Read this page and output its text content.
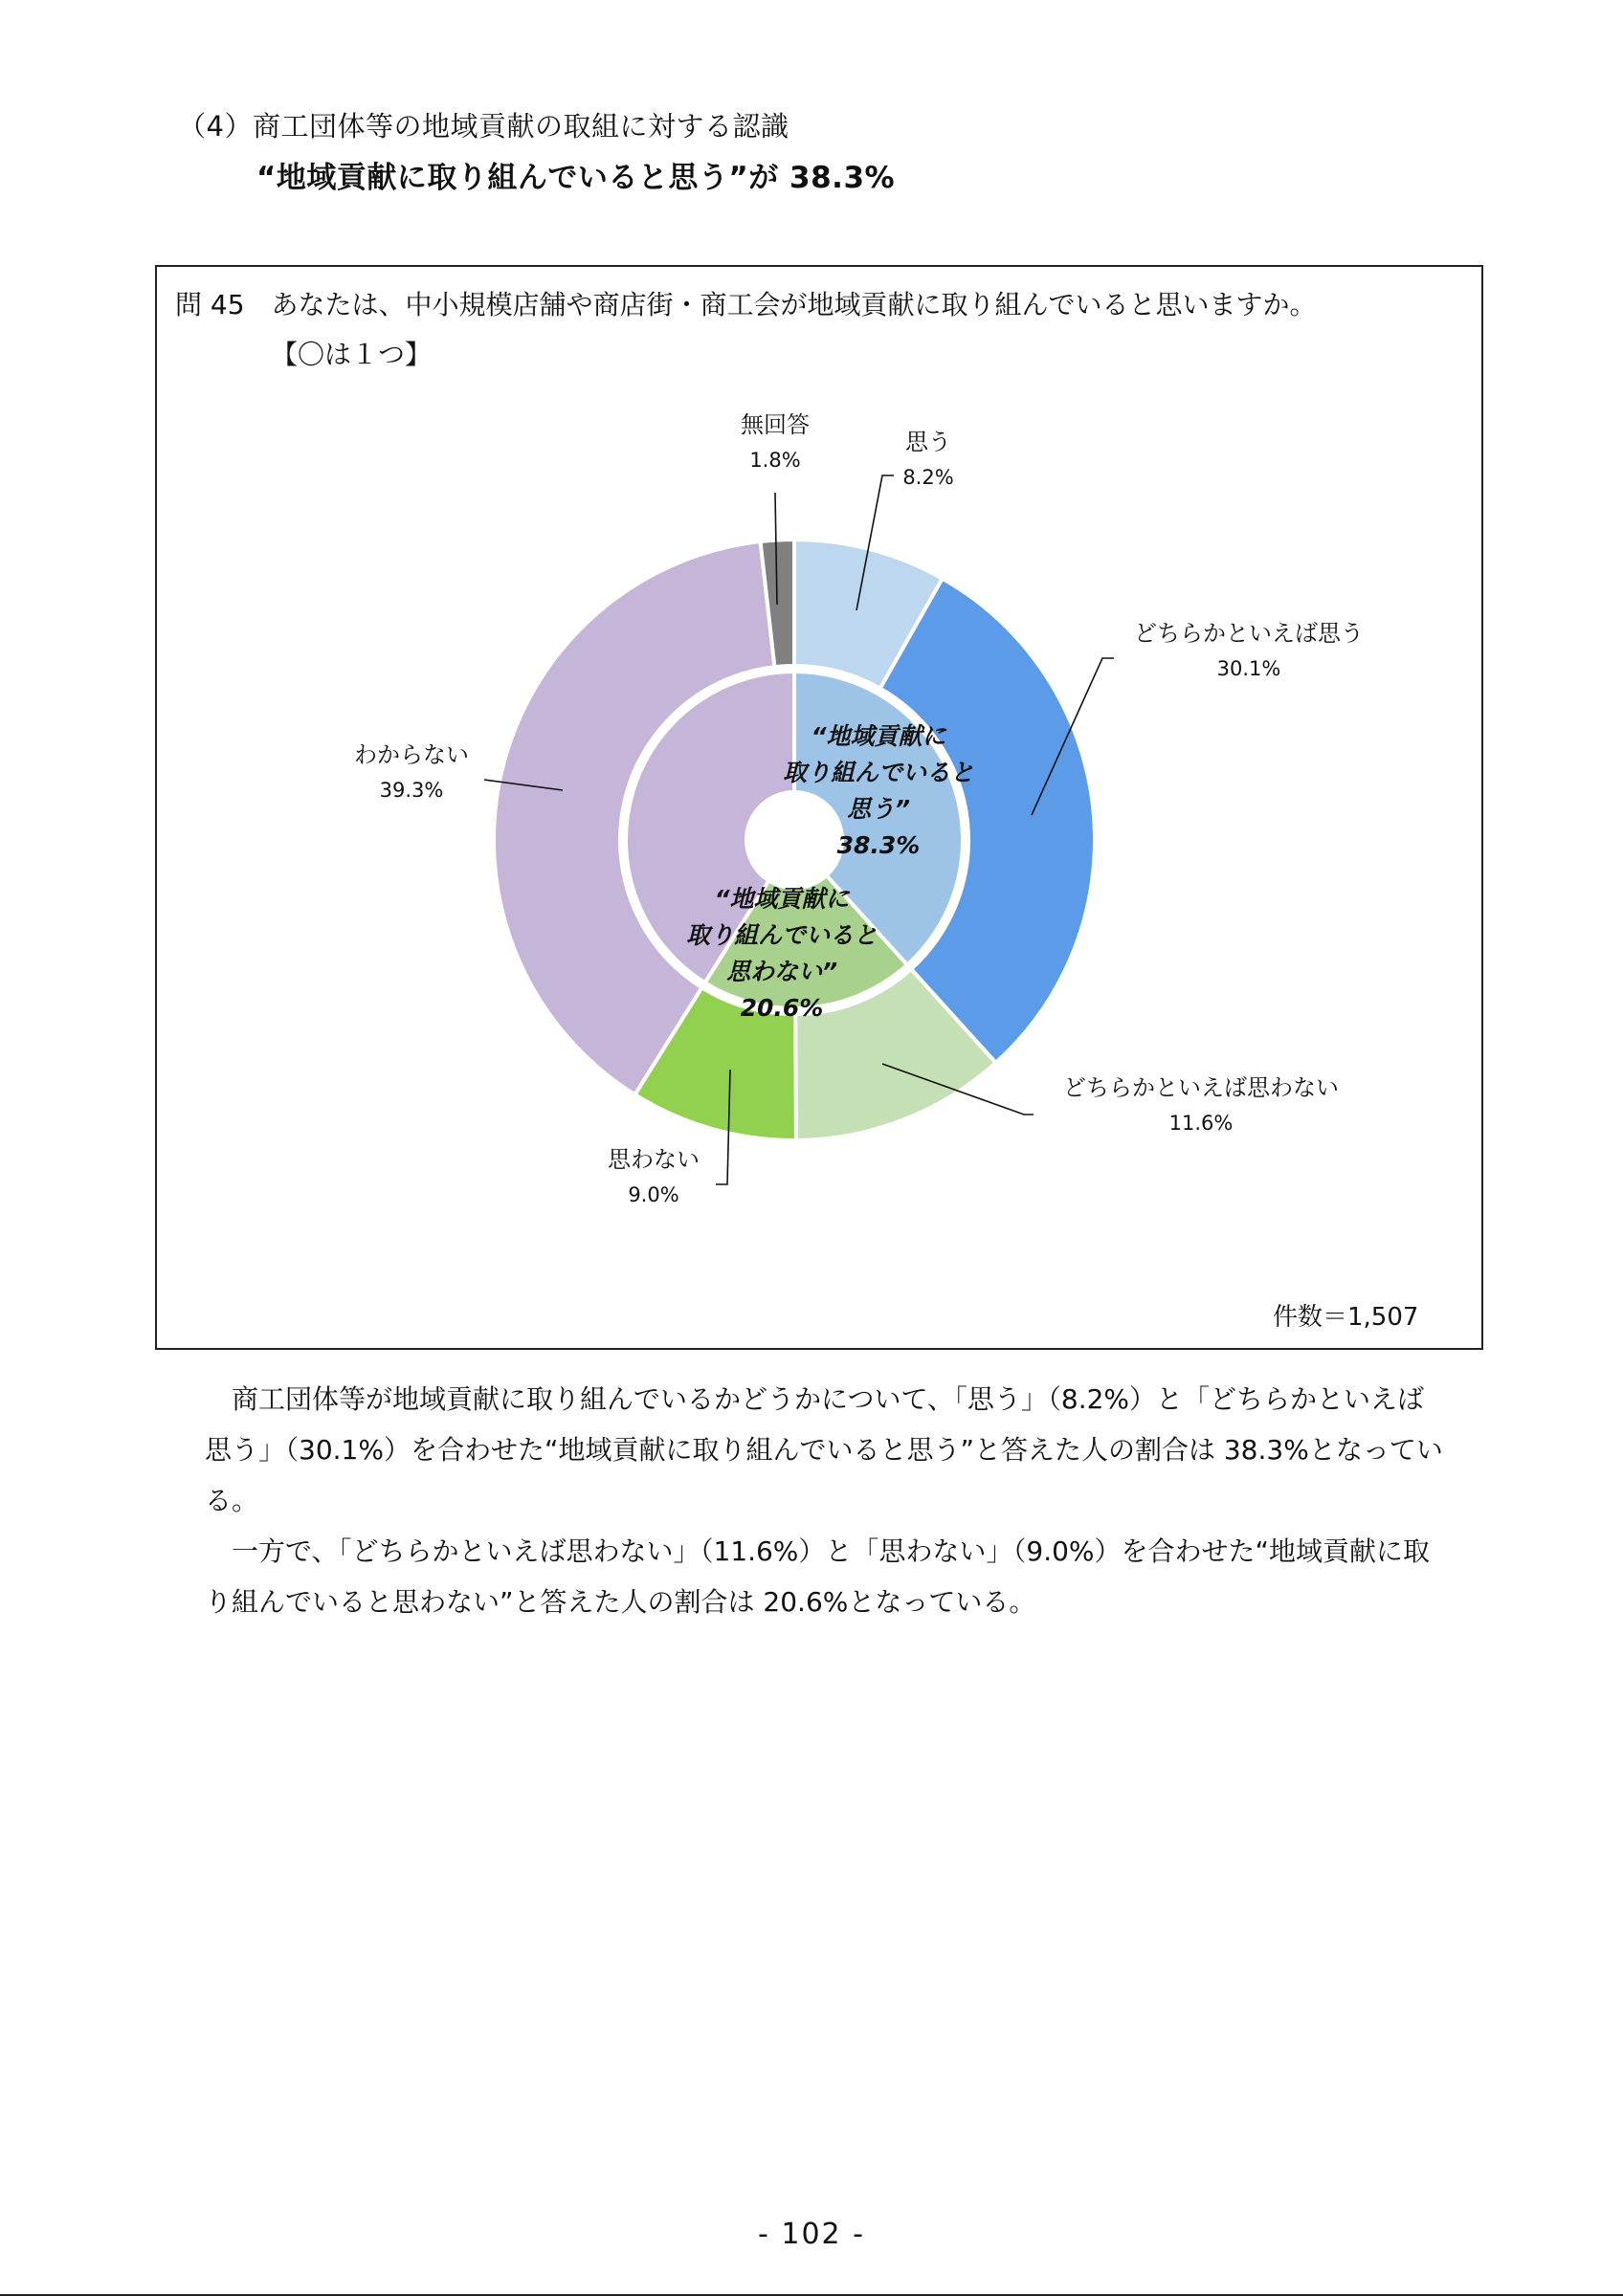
（4）商工団体等の地域貢献の取組に対する認識
“地域貢献に取り組んでいると思う”が 38.3%
問 45　あなたは、中小規模店舗や商店街・商工会が地域貢献に取り組んでいると思いますか。
【〇は１つ】
思う
8.2%
どちらかといえば思う
30.1%
どちらかといえば思わない
11.6%
思わない
9.0%
わからない
39.3%
無回答
1.8%
“地域貢献に
取り組んでいると
思う”
38.3%
“地域貢献に
取り組んでいると
思わない”
20.6%
件数＝1,507

商工団体等が地域貢献に取り組んでいるかどうかについて、「思う」（8.2%）と「どちらかといえば思う」（30.1%）を合わせた“地域貢献に取り組んでいると思う”と答えた人の割合は 38.3%となっている。

一方で、「どちらかといえば思わない」（11.6%）と「思わない」（9.0%）を合わせた“地域貢献に取り組んでいると思わない”と答えた人の割合は 20.6%となっている。

- 102 -
